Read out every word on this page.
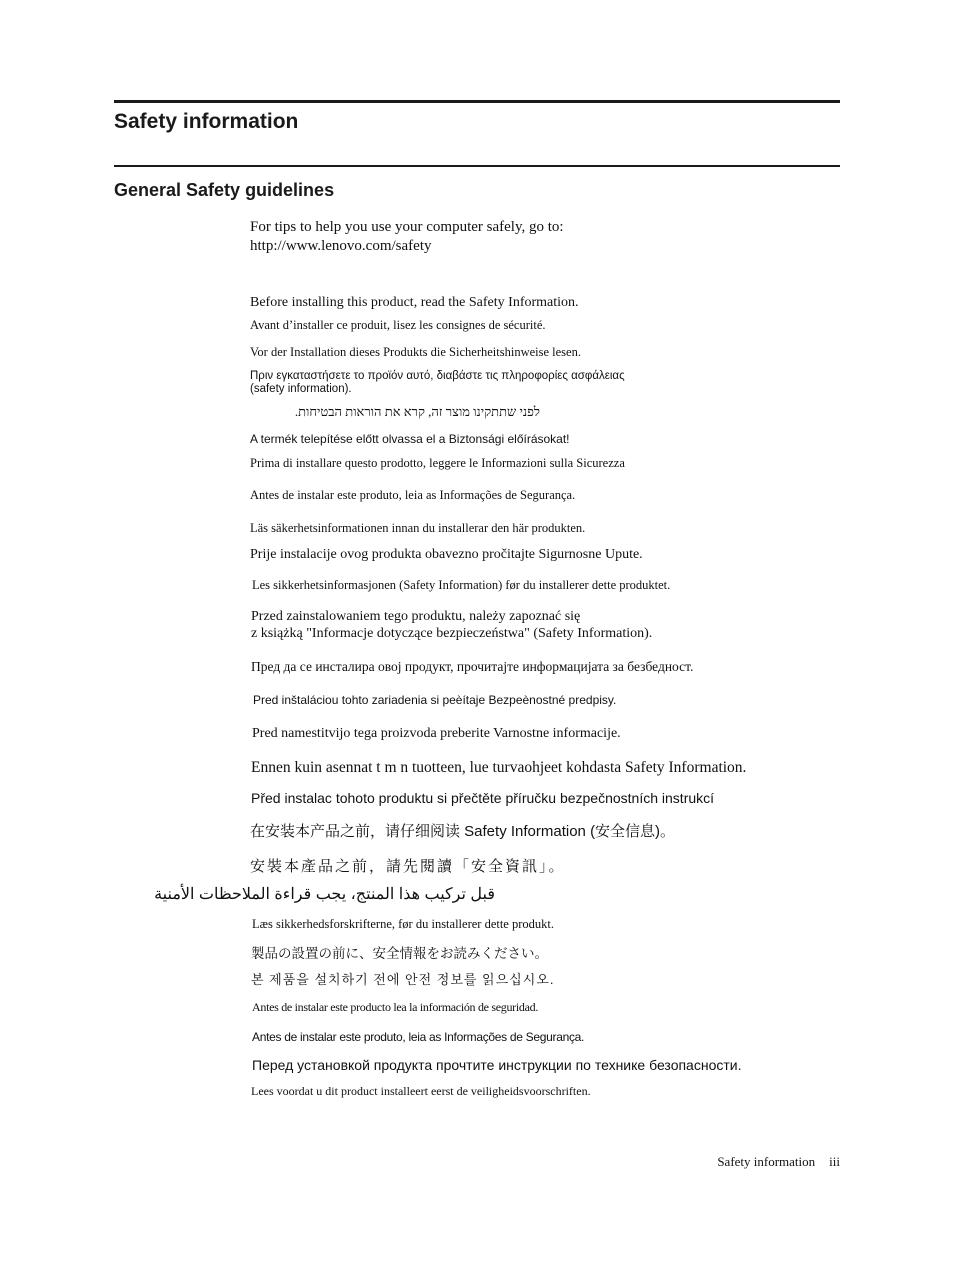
Safety information
General Safety guidelines
For tips to help you use your computer safely, go to:
http://www.lenovo.com/safety
Before installing this product, read the Safety Information.
Avant d’installer ce produit, lisez les consignes de sécurité.
Vor der Installation dieses Produkts die Sicherheitshinweise lesen.
Πριν εγκαταστήσετε το προϊόν αυτό, διαβάστε τις πληροφορίες ασφάλειας
(safety information).
לפני שתתקינו מוצר זה, קרא את הוראות הבטיחות.
A termék telepítése előtt olvassa el a Biztonsági előírásokat!
Prima di installare questo prodotto, leggere le Informazioni sulla Sicurezza
Antes de instalar este produto, leia as Informações de Segurança.
Läs säkerhetsinformationen innan du installerar den här produkten.
Prije instalacije ovog produkta obavezno pročitajte Sigurnosne Upute.
Les sikkerhetsinformasjonen (Safety Information) før du installerer dette produktet.
Przed zainstalowaniem tego produktu, należy zapoznać się
z książką "Informacje dotyczące bezpieczeństwa" (Safety Information).
Пред да се инсталира овој продукт, прочитајте информацијата за безбедност.
Pred inštaláciou tohto zariadenia si peèítaje Bezpeènostné predpisy.
Pred namestitvijo tega proizvoda preberite Varnostne informacije.
Ennen kuin asennat t m n tuotteen, lue turvaohjeet kohdasta Safety Information.
Před instalac tohoto produktu si přečtěte příručku bezpečnostních instrukcí
在安装本产品之前，请仔细阅读 Safety Information (安全信息)。
安裝本產品之前，請先閱讀「安全資訊」。
قبل تركيب هذا المنتج، يجب قراءة الملاحظات الأمنية
Læs sikkerhedsforskrifterne, før du installerer dette produkt.
製品の設置の前に、安全情報をお読みください。
본 제품을 설치하기 전에 안전 정보를 읽으십시오.
Antes de instalar este producto lea la información de seguridad.
Antes de instalar este produto, leia as Informações de Segurança.
Перед установкой продукта прочтите инструкции по технике безопасности.
Lees voordat u dit product installeert eerst de veiligheidsvoorschriften.
Safety information iii
